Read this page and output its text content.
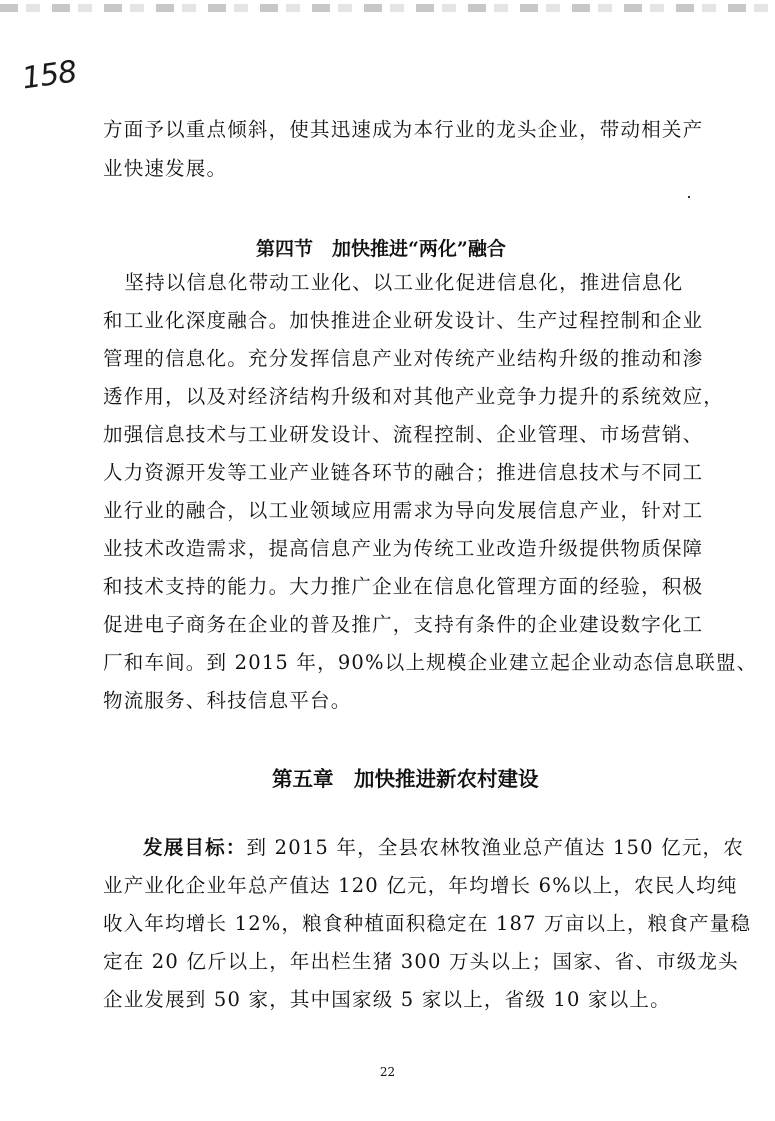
158
方面予以重点倾斜，使其迅速成为本行业的龙头企业，带动相关产
业快速发展。
第四节　加快推进“两化”融合
　　坚持以信息化带动工业化、以工业化促进信息化，推进信息化
和工业化深度融合。加快推进企业研发设计、生产过程控制和企业
管理的信息化。充分发挥信息产业对传统产业结构升级的推动和渗
透作用，以及对经济结构升级和对其他产业竞争力提升的系统效应，
加强信息技术与工业研发设计、流程控制、企业管理、市场营销、
人力资源开发等工业产业链各环节的融合；推进信息技术与不同工
业行业的融合，以工业领域应用需求为导向发展信息产业，针对工
业技术改造需求，提高信息产业为传统工业改造升级提供物质保障
和技术支持的能力。大力推广企业在信息化管理方面的经验，积极
促进电子商务在企业的普及推广，支持有条件的企业建设数字化工
厂和车间。到 2015 年，90%以上规模企业建立起企业动态信息联盟、
物流服务、科技信息平台。
第五章　加快推进新农村建设
发展目标：到 2015 年，全县农林牧渔业总产值达 150 亿元，农
业产业化企业年总产值达 120 亿元，年均增长 6%以上，农民人均纯
收入年均增长 12%，粮食种植面积稳定在 187 万亩以上，粮食产量稳
定在 20 亿斤以上，年出栏生猪 300 万头以上；国家、省、市级龙头
企业发展到 50 家，其中国家级 5 家以上，省级 10 家以上。
22
